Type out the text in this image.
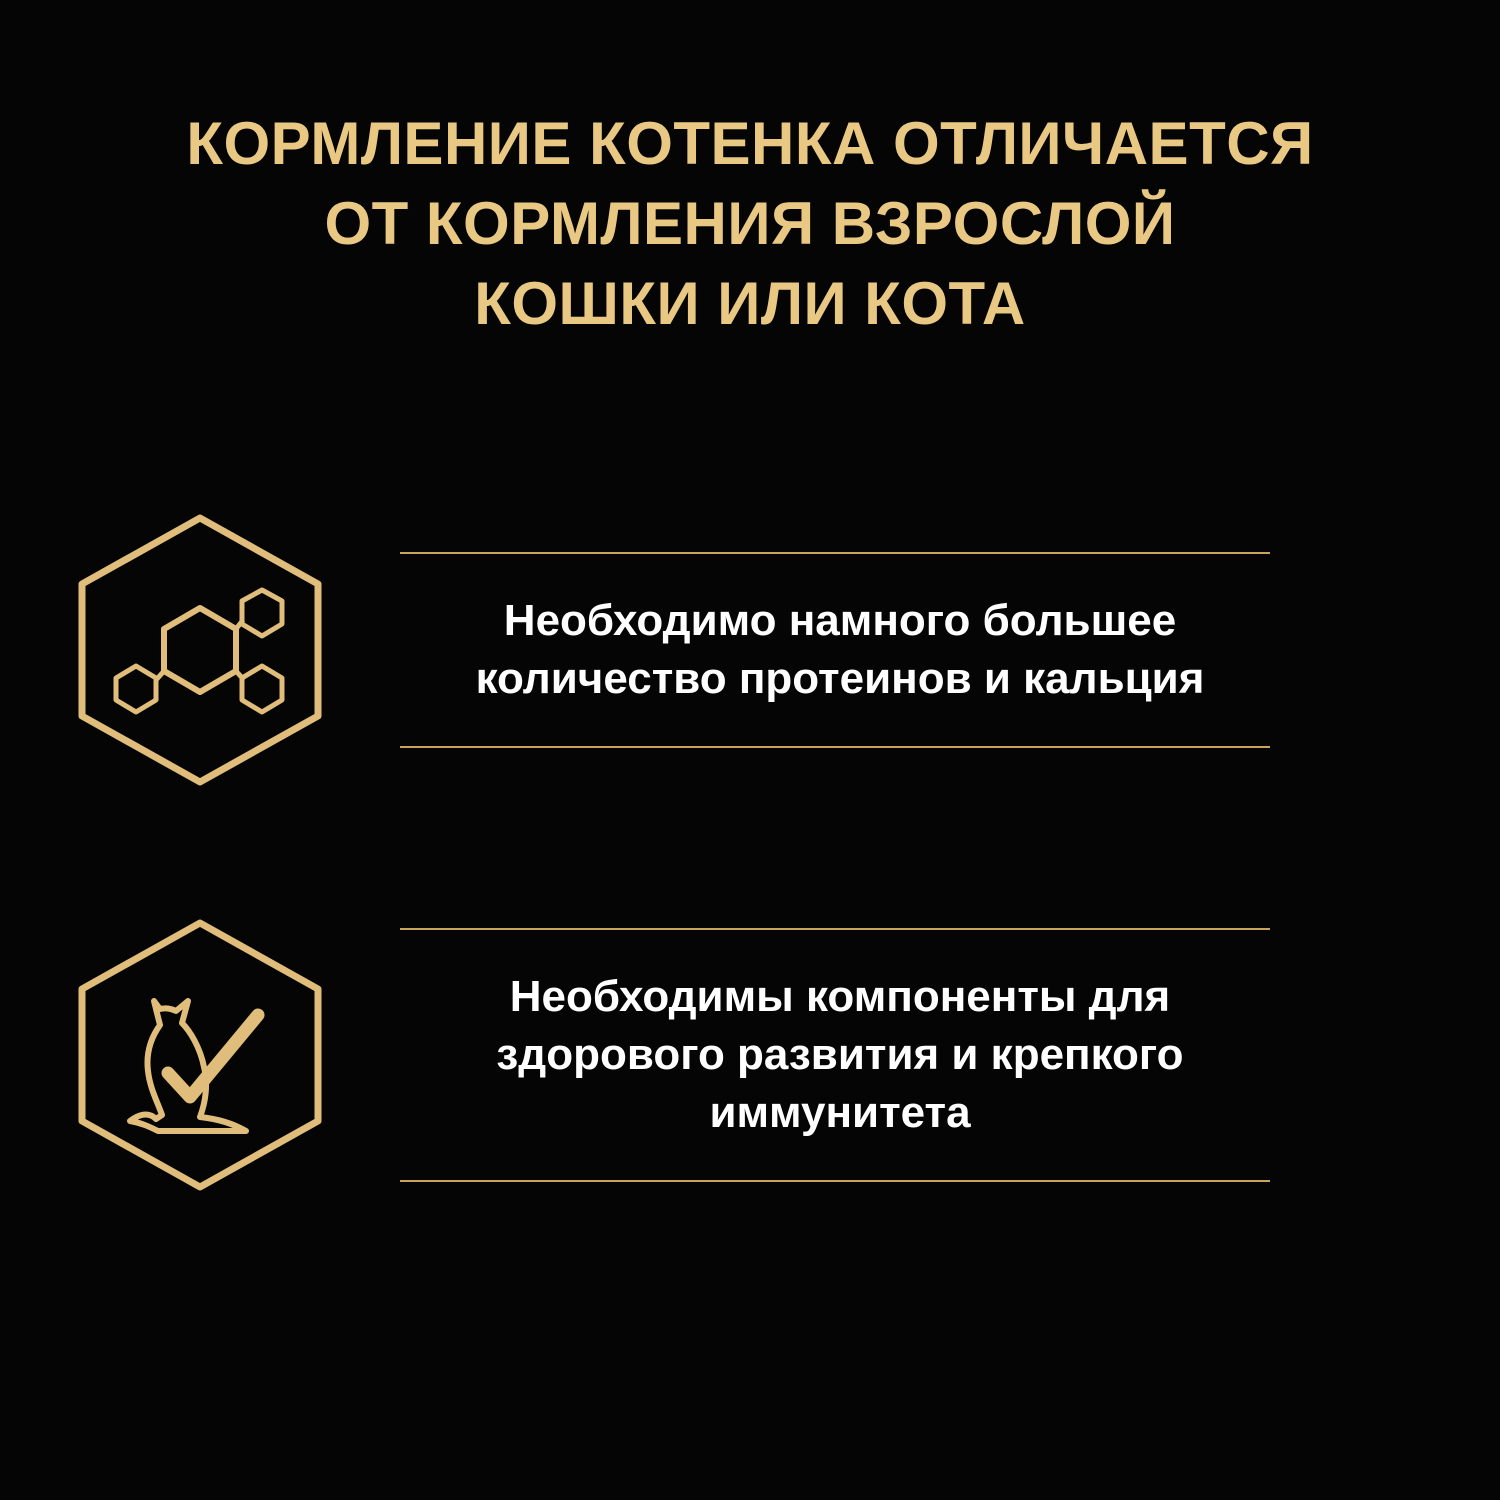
КОРМЛЕНИЕ КОТЕНКА ОТЛИЧАЕТСЯ
ОТ КОРМЛЕНИЯ ВЗРОСЛОЙ
КОШКИ ИЛИ КОТА
Необходимо намного большее количество протеинов и кальция
Необходимы компоненты для здорового развития и крепкого иммунитета
